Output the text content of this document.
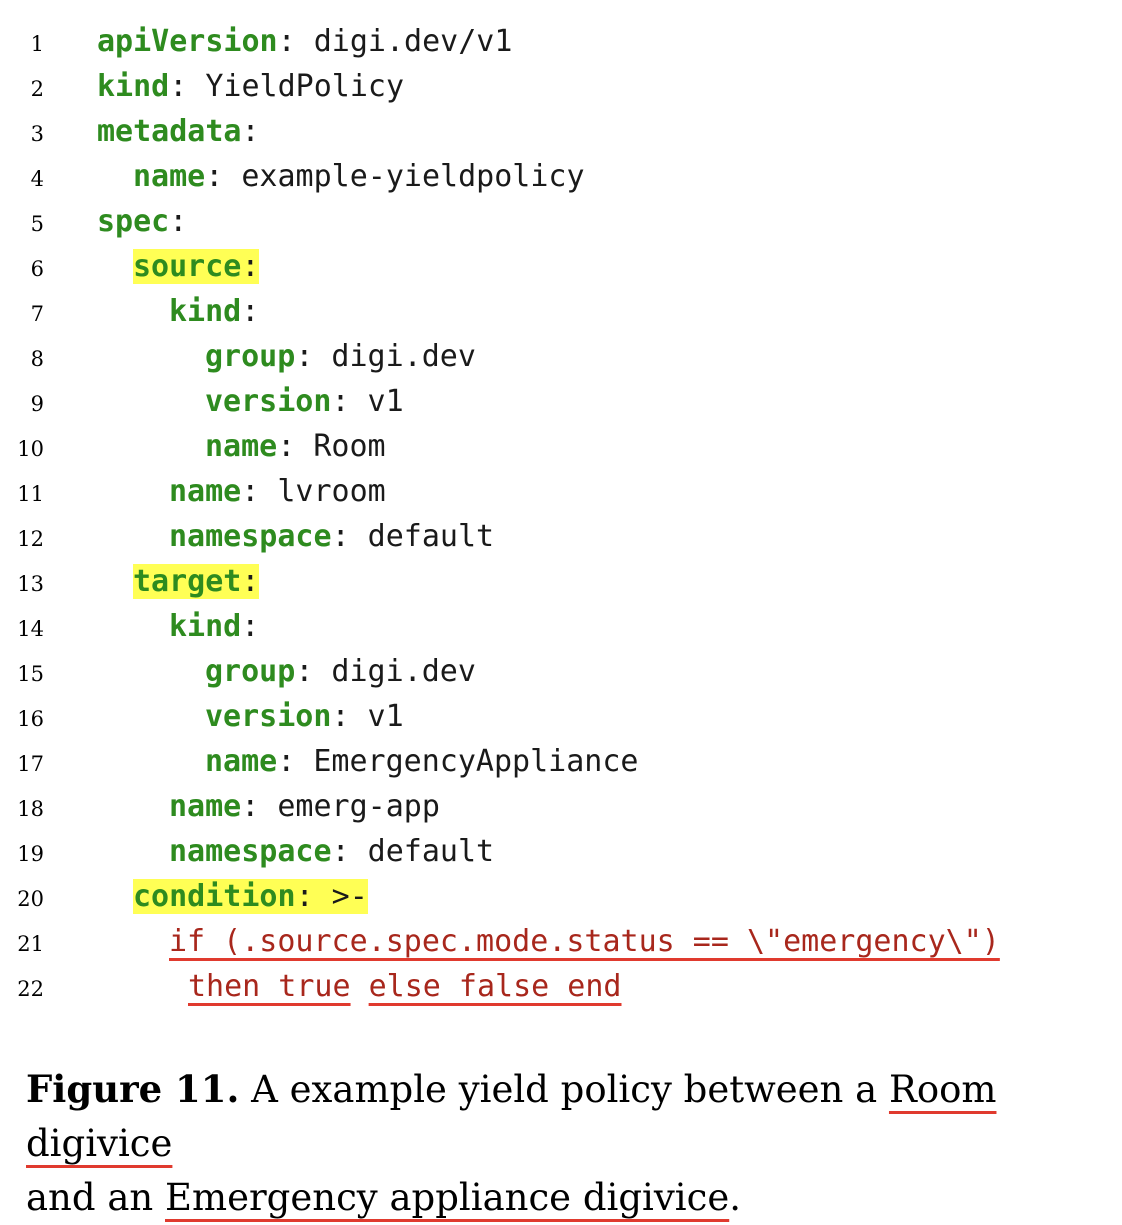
1 apiVersion: digi.dev/v1
2 kind: YieldPolicy
3 metadata:
4	name: example-yieldpolicy
5 spec:
6	source:
7	kind:
8	group: digi.dev
9	version: v1
10	name: Room
11	name: lvroom
12	namespace: default
13	target:
14	kind:
15	group: digi.dev
16	version: v1
17	name: EmergencyAppliance
18	name: emerg-app
19	namespace: default
20	condition: >-
21	if (.source.spec.mode.status == \"emergency\")
22	then true else false end
Figure 11. A example yield policy between a Room digivice
and an Emergency appliance digivice.
